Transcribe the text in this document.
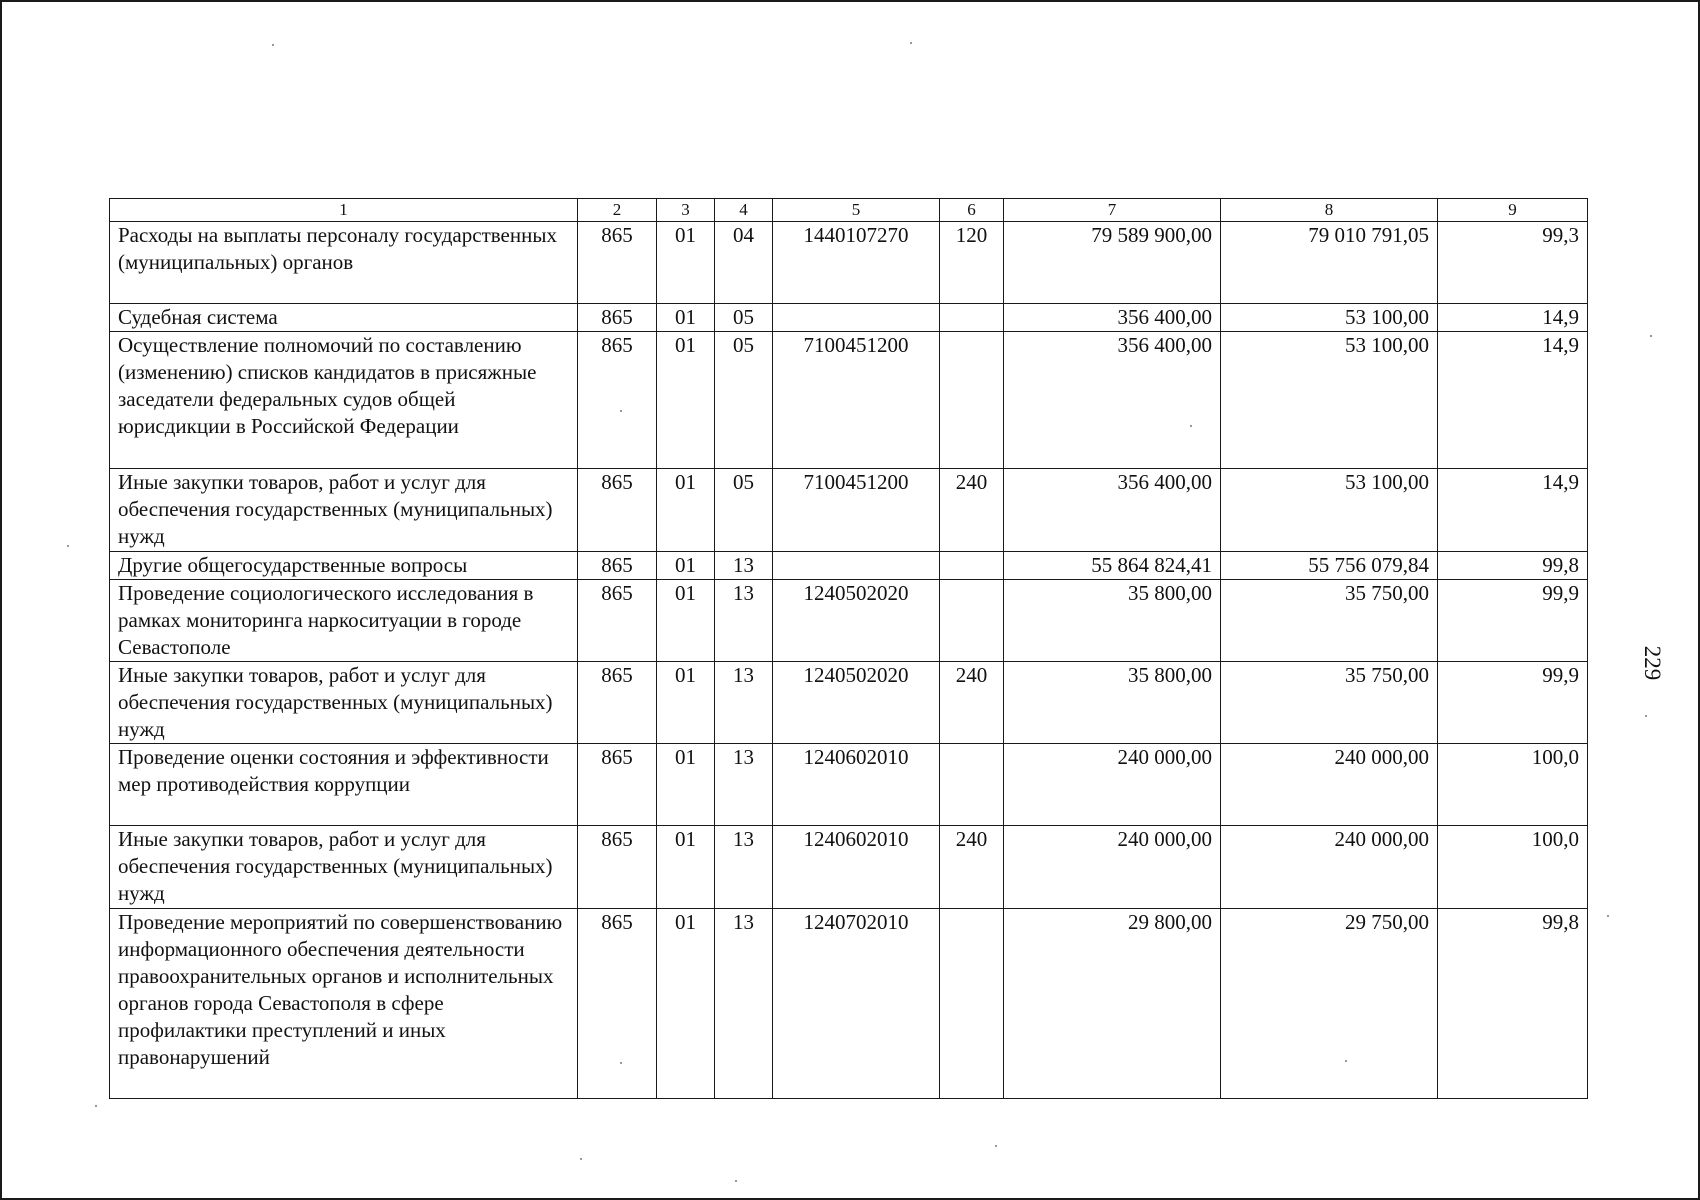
229
1	2	3	4	5	6	7	8	9
Расходы на выплаты персоналу государственных (муниципальных) органов	865	01	04	1440107270	120	79 589 900,00	79 010 791,05	99,3
Судебная система	865	01	05			356 400,00	53 100,00	14,9
Осуществление полномочий по составлению (изменению) списков кандидатов в присяжные заседатели федеральных судов общей юрисдикции в Российской Федерации	865	01	05	7100451200		356 400,00	53 100,00	14,9
Иные закупки товаров, работ и услуг для обеспечения государственных (муниципальных) нужд	865	01	05	7100451200	240	356 400,00	53 100,00	14,9
Другие общегосударственные вопросы	865	01	13			55 864 824,41	55 756 079,84	99,8
Проведение социологического исследования в рамках мониторинга наркоситуации в городе Севастополе	865	01	13	1240502020		35 800,00	35 750,00	99,9
Иные закупки товаров, работ и услуг для обеспечения государственных (муниципальных) нужд	865	01	13	1240502020	240	35 800,00	35 750,00	99,9
Проведение оценки состояния и эффективности мер противодействия коррупции	865	01	13	1240602010		240 000,00	240 000,00	100,0
Иные закупки товаров, работ и услуг для обеспечения государственных (муниципальных) нужд	865	01	13	1240602010	240	240 000,00	240 000,00	100,0
Проведение мероприятий по совершенствованию информационного обеспечения деятельности правоохранительных органов и исполнительных органов города Севастополя в сфере профилактики преступлений и иных правонарушений	865	01	13	1240702010		29 800,00	29 750,00	99,8
